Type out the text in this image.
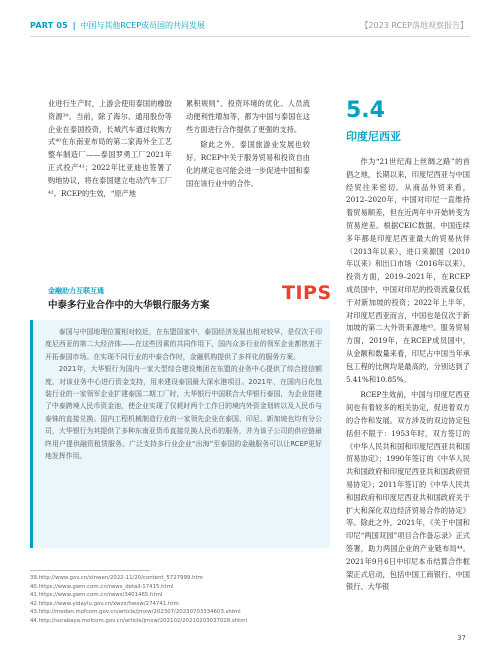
PART 05 | 中国与其他RCEP成员国的共同发展	【2023 RCEP落地观察报告】

业进行生产时，上游会使用泰国的橡胶资源³⁹。当前，除了海尔、通用股份等企业在泰国投资，长城汽车通过收购方式⁴⁰在东南亚布局的第二家海外全工艺整车制造厂——泰国罗勇工厂2021年正式投产⁴¹；2022年比亚迪也签署了购地协议，将在泰国建立电动汽车工厂⁴²。RCEP的生效，“原产地

累积规则”、投资环境的优化、人员流动便利性增加等，都为中国与泰国在这些方面进行合作提供了更强的支持。

除此之外，泰国旅游业发展也较好。RCEP中关于服务贸易和投资自由化的规定也可能会进一步促进中国和泰国在该行业中的合作。

5.4
印度尼西亚

作为“21世纪海上丝绸之路”的首倡之地，长期以来，印度尼西亚与中国经贸往来密切。从商品外贸来看，2012–2020年，中国对印尼一直维持着贸易顺差，但在近两年中开始转变为贸易逆差。根据CEIC数据，中国连续多年都是印度尼西亚最大的贸易伙伴（2013年以来），进口来源国（2010年以来）和出口市场（2016年以来）。投资方面，2019–2021年，在RCEP成员国中，中国对印尼的投资流量仅低于对新加坡的投资；2022年上半年，对印度尼西亚而言，中国也是仅次于新加坡的第二大外资来源地⁴³。服务贸易方面，2019年，在RCEP成员国中，从金额和数量来看，印尼占中国当年承包工程的比例均是最高的，分别达到了5.41%和10.85%。

RCEP生效前，中国与印度尼西亚间也有着较多的相关协定，促进着双方的合作和发展。双方涉及的双边协定包括但不限于：1953年时，双方签订的《中华人民共和国和印度尼西亚共和国贸易协定》；1990年签订的《中华人民共和国政府和印度尼西亚共和国政府贸易协定》；2011年签订的《中华人民共和国政府和印度尼西亚共和国政府关于扩大和深化双边经济贸易合作的协定》等。除此之外，2021年，《关于中国和印尼“两国双园”项目合作备忘录》正式签署，助力两国企业的产业链布局⁴⁴。2021年9月6日中印尼本币结算合作框架正式启动，包括中国工商银行、中国银行、大华银

金融助力互联互通
中泰多行业合作中的大华银行服务方案
TIPS

泰国与中国地理位置相对较近，在东盟国家中，泰国经济发展也相对较早，是仅次于印度尼西亚的第二大经济体——在这些因素的共同作用下，国内众多行业的领军企业都热衷于开拓泰国市场。在实现不同行业的中泰合作时，金融机构提供了多样化的服务方案。

2021年，大华银行为国内一家大型综合建设集团在东盟的业务中心提供了综合授信额度，对该业务中心进行资金支持，用来建设泰国最大深水港项目。2021年，在国内日化包装行业的一家领军企业扩建泰国二期工厂时，大华银行中国联合大华银行泰国，为企业搭建了中泰跨境人民币资金池，使企业实现了仅耗时两个工作日的境内外资金划转以及人民币与泰铢的直接兑换。国内工程机械制造行业的一家领先企业在泰国、印尼、新加坡也均有分公司，大华银行为其提供了多种东南亚货币直接兑换人民币的服务，并为该子公司的供应链最终用户提供融资租赁服务。广泛支持多行业企业“出海”至泰国的金融服务可以让RCEP更好地发挥作用。

39.http://www.gov.cn/xinwen/2022-11/20/content_5727999.htm
40.https://www.gwm.com.cn/news_detail-17415.html
41.https://www.gwm.com.cn/news/3401465.html
42.https://www.yidaylu.gov.cn/xwzx/hwxw/274741.htm
43.http://medan.mofcom.gov.cn/article/jmxw/202307/20230703334603.shtml
44.http://surabaya.mofcom.gov.cn/article/jmxw/202102/20210203037028.shtml
37
